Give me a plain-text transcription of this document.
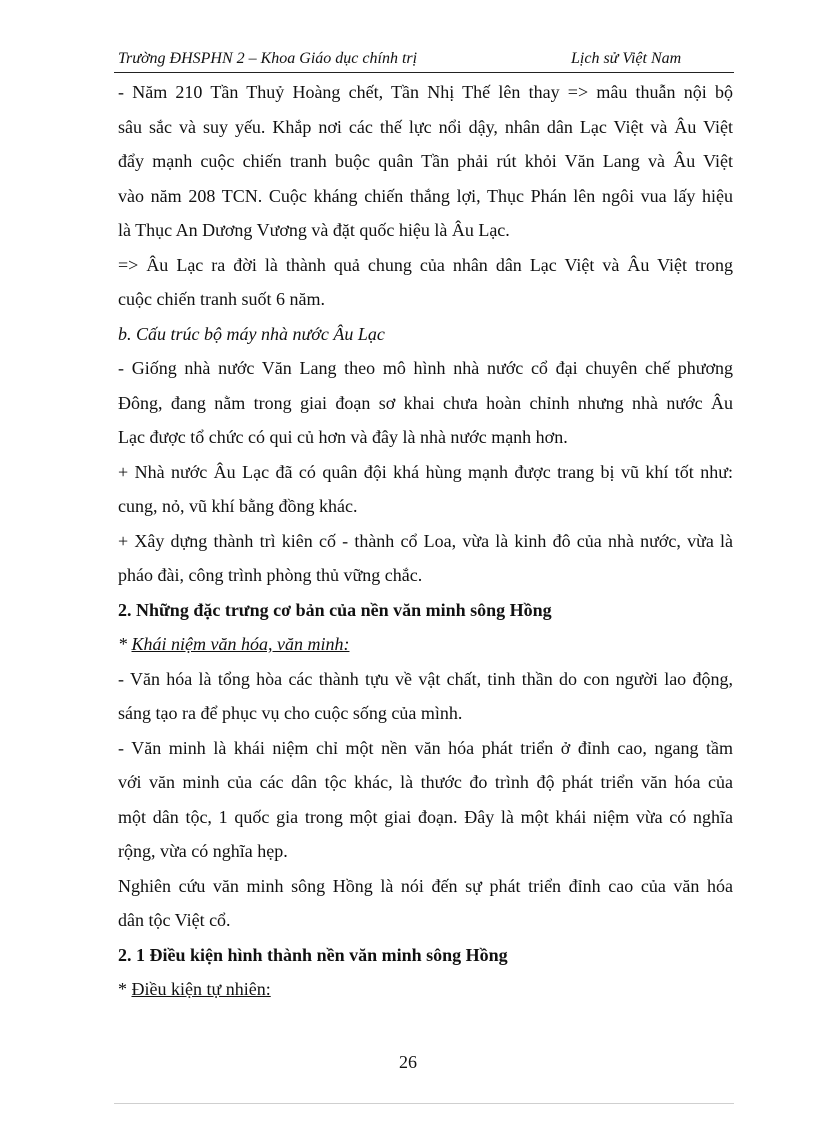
Trường ĐHSPHN 2 – Khoa Giáo dục chính trị	Lịch sử Việt Nam
- Năm 210 Tần Thuỷ Hoàng chết, Tần Nhị Thế lên thay => mâu thuẫn nội bộ
sâu sắc và suy yếu. Khắp nơi các thế lực nổi dậy, nhân dân Lạc Việt và Âu Việt
đẩy mạnh cuộc chiến tranh buộc quân Tần phải rút khỏi Văn Lang và Âu Việt
vào năm 208 TCN. Cuộc kháng chiến thắng lợi, Thục Phán lên ngôi vua lấy hiệu
là Thục An Dương Vương và đặt quốc hiệu là Âu Lạc.
=> Âu Lạc ra đời là thành quả chung của nhân dân Lạc Việt và Âu Việt trong
cuộc chiến tranh suốt 6 năm.
b. Cấu trúc bộ máy nhà nước Âu Lạc
- Giống nhà nước Văn Lang theo mô hình nhà nước cổ đại chuyên chế phương
Đông, đang nằm trong giai đoạn sơ khai chưa hoàn chỉnh nhưng nhà nước Âu
Lạc được tổ chức có qui củ hơn và đây là nhà nước mạnh hơn.
+ Nhà nước Âu Lạc đã có quân đội khá hùng mạnh được trang bị vũ khí tốt như:
cung, nỏ, vũ khí bằng đồng khác.
+ Xây dựng thành trì kiên cố - thành cổ Loa, vừa là kinh đô của nhà nước, vừa là
pháo đài, công trình phòng thủ vững chắc.
2. Những đặc trưng cơ bản của nền văn minh sông Hồng
* Khái niệm văn hóa, văn minh:
- Văn hóa là tổng hòa các thành tựu về vật chất, tinh thần do con người lao động,
sáng tạo ra để phục vụ cho cuộc sống của mình.
- Văn minh là khái niệm chỉ một nền văn hóa phát triển ở đỉnh cao, ngang tầm
với văn minh của các dân tộc khác, là thước đo trình độ phát triển văn hóa của
một dân tộc, 1 quốc gia trong một giai đoạn. Đây là một khái niệm vừa có nghĩa
rộng, vừa có nghĩa hẹp.
Nghiên cứu văn minh sông Hồng là nói đến sự phát triển đỉnh cao của văn hóa
dân tộc Việt cổ.
2. 1 Điều kiện hình thành nền văn minh sông Hồng
* Điều kiện tự nhiên:
26
